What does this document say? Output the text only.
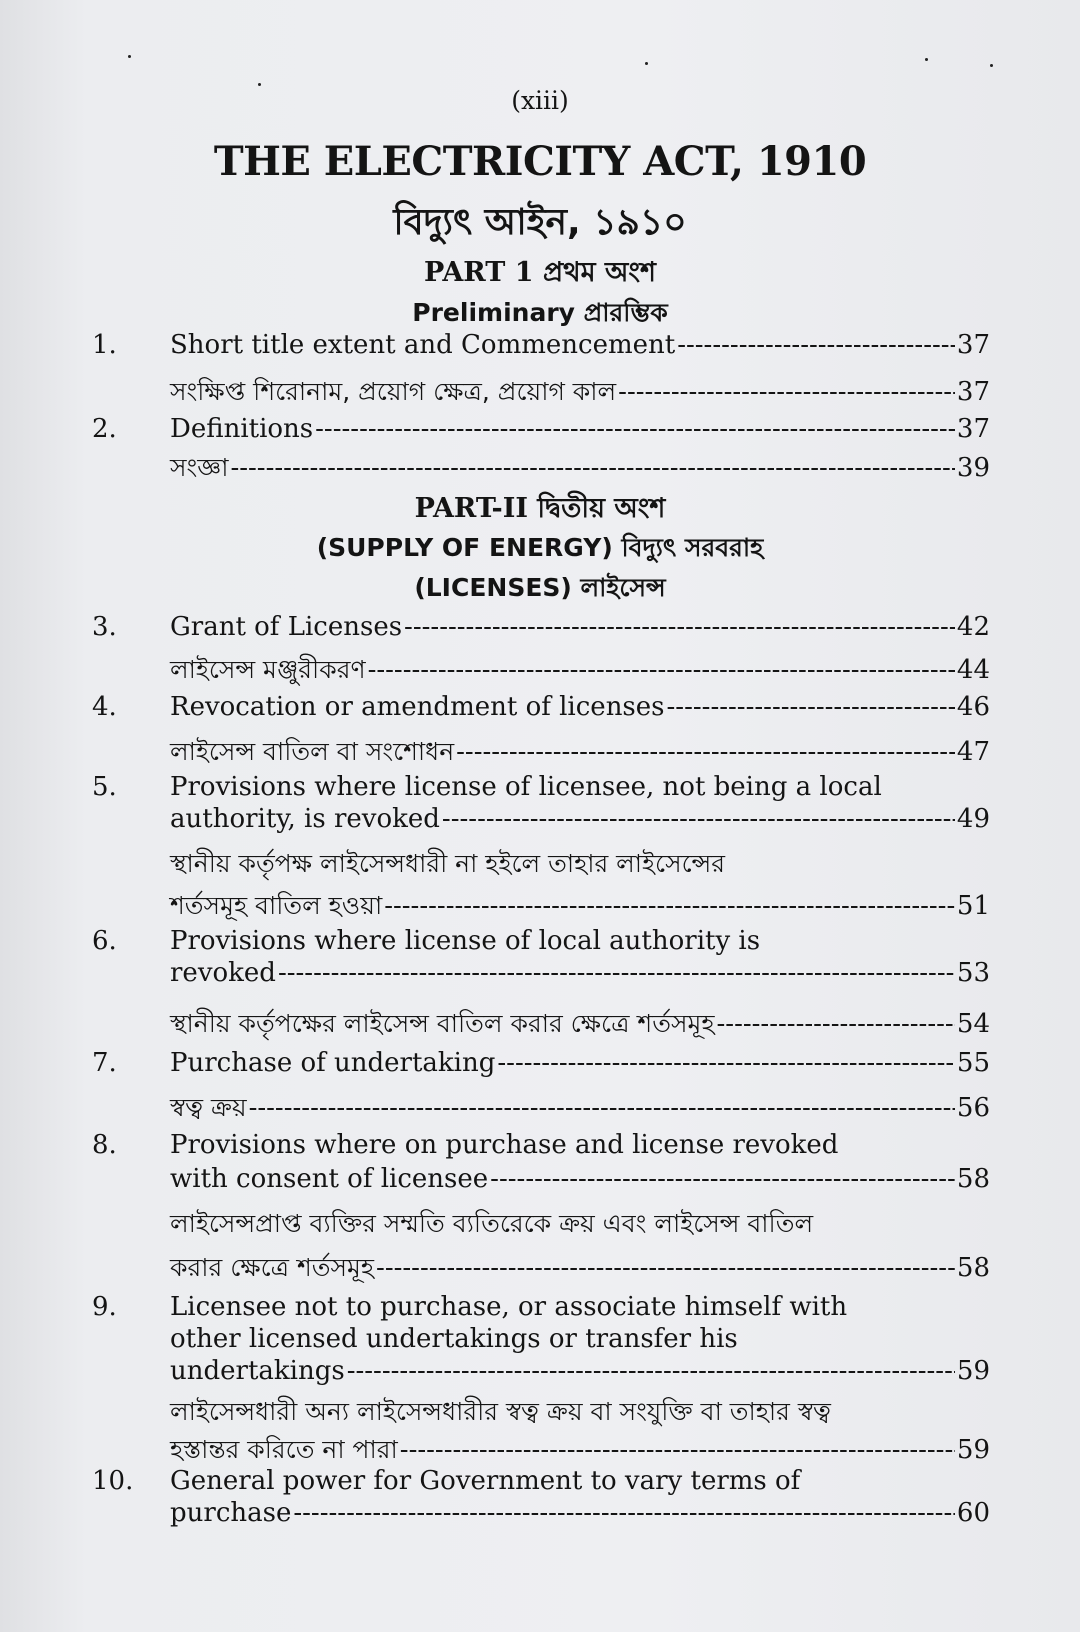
(xiii)
THE ELECTRICITY ACT, 1910
বিদ্যুৎ আইন, ১৯১০
PART 1 প্রথম অংশ
Preliminary প্রারম্ভিক
1. Short title extent and Commencement -----	37
সংক্ষিপ্ত শিরোনাম, প্রয়োগ ক্ষেত্র, প্রয়োগ কাল -----	37
2. Definitions -----	37
সংজ্ঞা -----	39
PART-II দ্বিতীয় অংশ
(SUPPLY OF ENERGY) বিদ্যুৎ সরবরাহ
(LICENSES) লাইসেন্স
3. Grant of Licenses -----	42
লাইসেন্স মঞ্জুরীকরণ -----	44
4. Revocation or amendment of licenses -----	46
লাইসেন্স বাতিল বা সংশোধন -----	47
5. Provisions where license of licensee, not being a local
authority, is revoked -----	49
স্থানীয় কর্তৃপক্ষ লাইসেন্সধারী না হইলে তাহার লাইসেন্সের
শর্তসমূহ বাতিল হওয়া -----	51
6. Provisions where license of local authority is
revoked -----	53
স্থানীয় কর্তৃপক্ষের লাইসেন্স বাতিল করার ক্ষেত্রে শর্তসমূহ -----	54
7. Purchase of undertaking -----	55
স্বত্ব ক্রয় -----	56
8. Provisions where on purchase and license revoked
with consent of licensee -----	58
লাইসেন্সপ্রাপ্ত ব্যক্তির সম্মতি ব্যতিরেকে ক্রয় এবং লাইসেন্স বাতিল
করার ক্ষেত্রে শর্তসমূহ -----	58
9. Licensee not to purchase, or associate himself with
other licensed undertakings or transfer his
undertakings -----	59
লাইসেন্সধারী অন্য লাইসেন্সধারীর স্বত্ব ক্রয় বা সংযুক্তি বা তাহার স্বত্ব
হস্তান্তর করিতে না পারা -----	59
10. General power for Government to vary terms of
purchase -----	60
